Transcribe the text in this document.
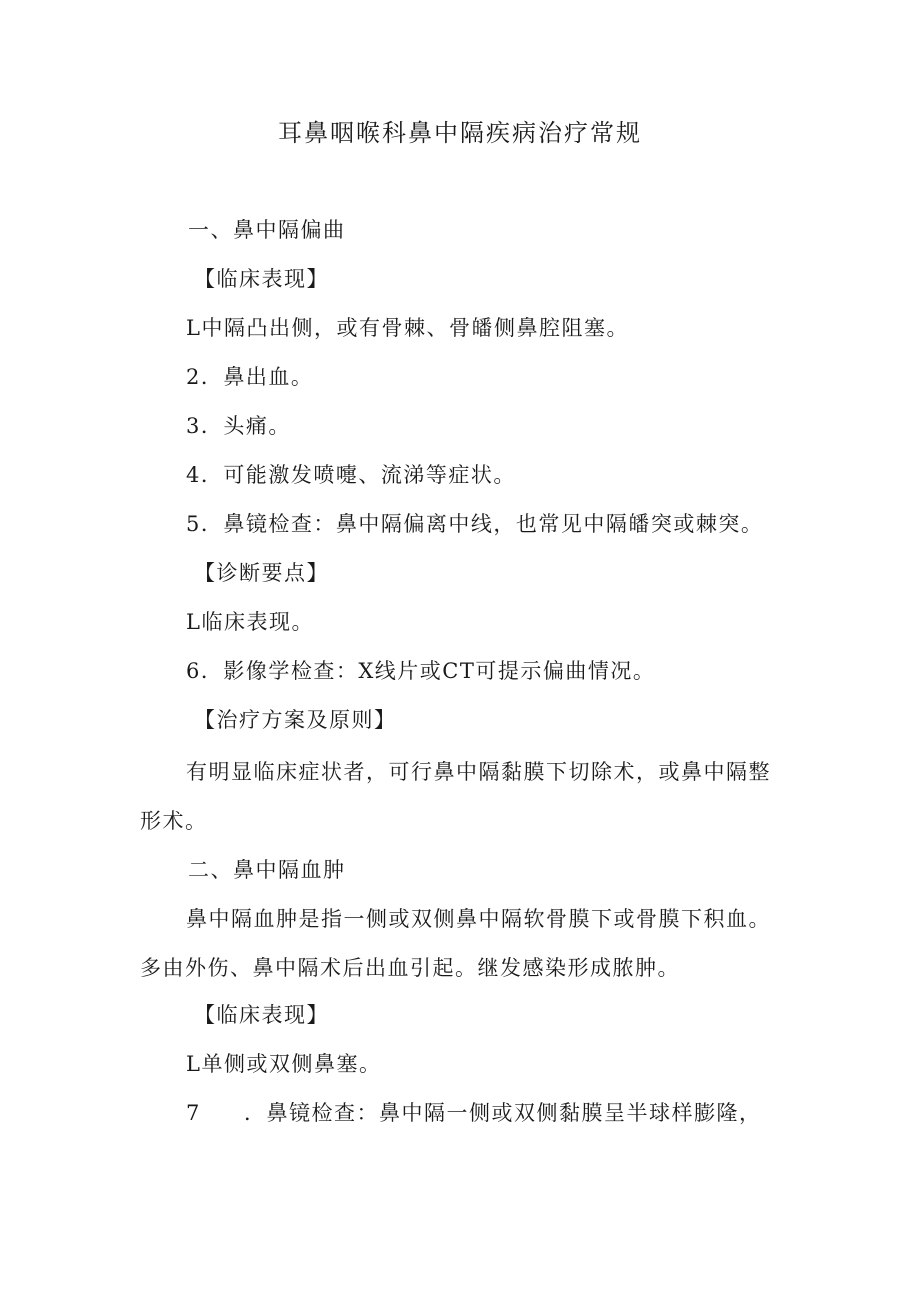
耳鼻咽喉科鼻中隔疾病治疗常规
一、鼻中隔偏曲
【临床表现】
L中隔凸出侧，或有骨棘、骨皤侧鼻腔阻塞。
2．鼻出血。
3．头痛。
4．可能激发喷嚏、流涕等症状。
5．鼻镜检查：鼻中隔偏离中线，也常见中隔皤突或棘突。
【诊断要点】
L临床表现。
6．影像学检查：X线片或CT可提示偏曲情况。
【治疗方案及原则】
有明显临床症状者，可行鼻中隔黏膜下切除术，或鼻中隔整
形术。
二、鼻中隔血肿
鼻中隔血肿是指一侧或双侧鼻中隔软骨膜下或骨膜下积血。
多由外伤、鼻中隔术后出血引起。继发感染形成脓肿。
【临床表现】
L单侧或双侧鼻塞。
7 ．鼻镜检查：鼻中隔一侧或双侧黏膜呈半球样膨隆，
